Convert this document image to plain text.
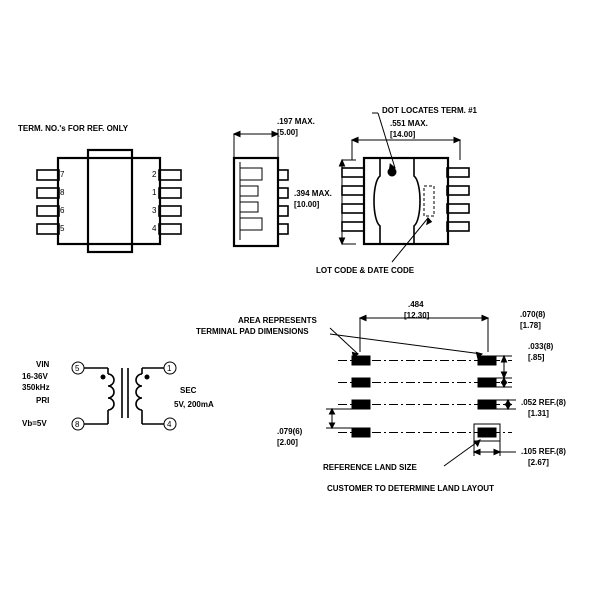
TERM. NO.'s FOR REF. ONLY
7
8
6
5
2
1
3
4
.197 MAX.
[5.00]
DOT LOCATES TERM. #1
.551 MAX.
[14.00]
.394 MAX.
[10.00]
LOT CODE & DATE CODE
AREA REPRESENTS
TERMINAL PAD DIMENSIONS
.484
[12.30]	.070(8)
[1.78]
.033(8)
[.85]
.052 REF.(8)
[1.31]
.079(6)
[2.00]
.105 REF.(8)
[2.67]
REFERENCE LAND SIZE
CUSTOMER TO DETERMINE LAND LAYOUT
VIN
16-36V
350kHz
PRI
Vb=5V
SEC
5V, 200mA
5
8
1
4
